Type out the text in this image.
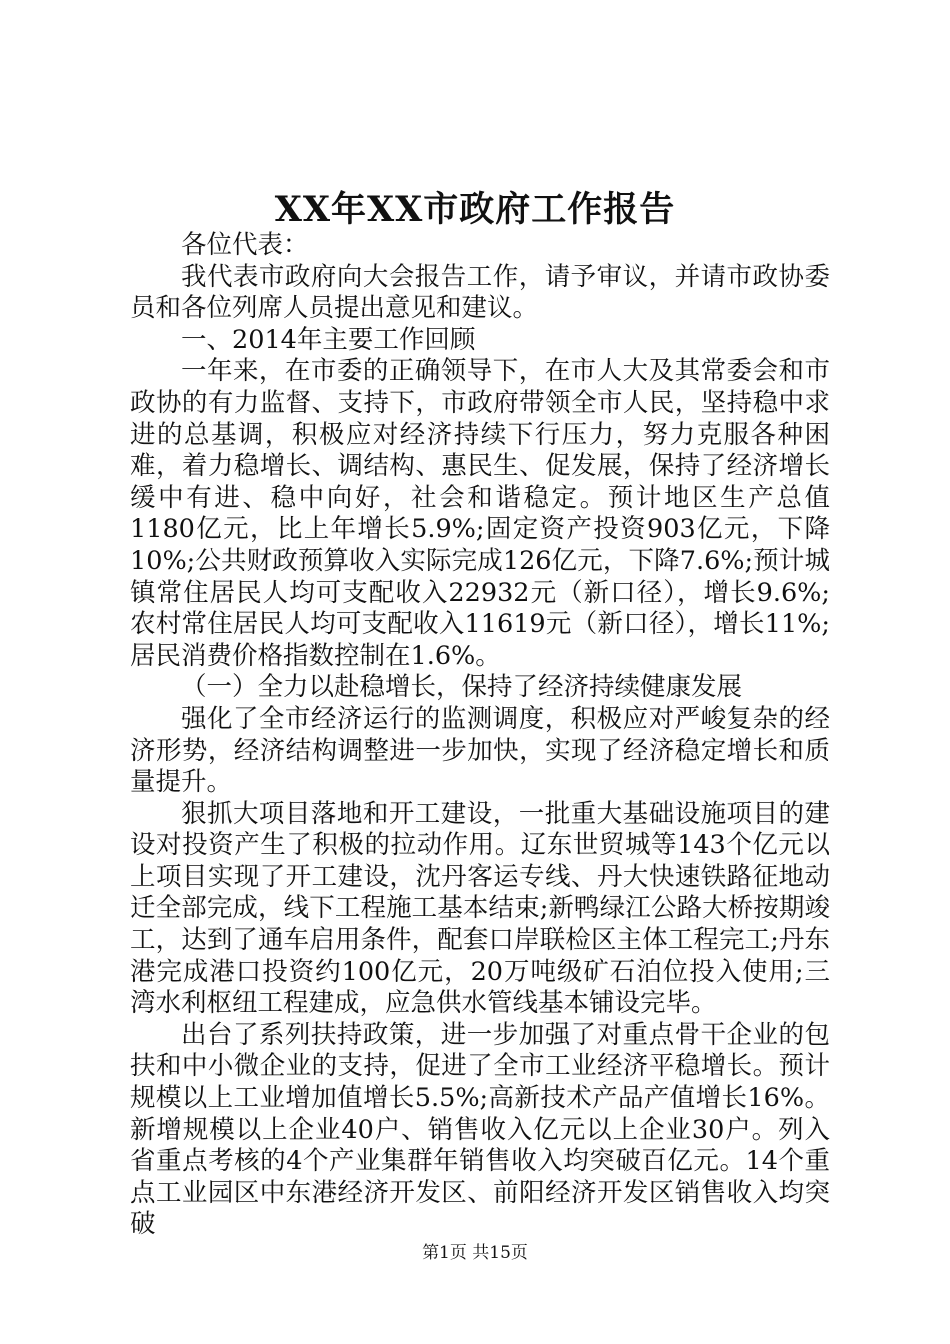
XX年XX市政府工作报告

各位代表：

我代表市政府向大会报告工作，请予审议，并请市政协委员和各位列席人员提出意见和建议。

一、2014年主要工作回顾

一年来，在市委的正确领导下，在市人大及其常委会和市政协的有力监督、支持下，市政府带领全市人民，坚持稳中求进的总基调，积极应对经济持续下行压力，努力克服各种困难，着力稳增长、调结构、惠民生、促发展，保持了经济增长缓中有进、稳中向好，社会和谐稳定。预计地区生产总值1180亿元，比上年增长5.9%;固定资产投资903亿元，下降10%;公共财政预算收入实际完成126亿元，下降7.6%;预计城镇常住居民人均可支配收入22932元（新口径），增长9.6%;农村常住居民人均可支配收入11619元（新口径），增长11%;居民消费价格指数控制在1.6%。

（一）全力以赴稳增长，保持了经济持续健康发展

强化了全市经济运行的监测调度，积极应对严峻复杂的经济形势，经济结构调整进一步加快，实现了经济稳定增长和质量提升。

狠抓大项目落地和开工建设，一批重大基础设施项目的建设对投资产生了积极的拉动作用。辽东世贸城等143个亿元以上项目实现了开工建设，沈丹客运专线、丹大快速铁路征地动迁全部完成，线下工程施工基本结束;新鸭绿江公路大桥按期竣工，达到了通车启用条件，配套口岸联检区主体工程完工;丹东港完成港口投资约100亿元，20万吨级矿石泊位投入使用;三湾水利枢纽工程建成，应急供水管线基本铺设完毕。

出台了系列扶持政策，进一步加强了对重点骨干企业的包扶和中小微企业的支持，促进了全市工业经济平稳增长。预计规模以上工业增加值增长5.5%;高新技术产品产值增长16%。新增规模以上企业40户、销售收入亿元以上企业30户。列入省重点考核的4个产业集群年销售收入均突破百亿元。14个重点工业园区中东港经济开发区、前阳经济开发区销售收入均突破

第1页 共15页
